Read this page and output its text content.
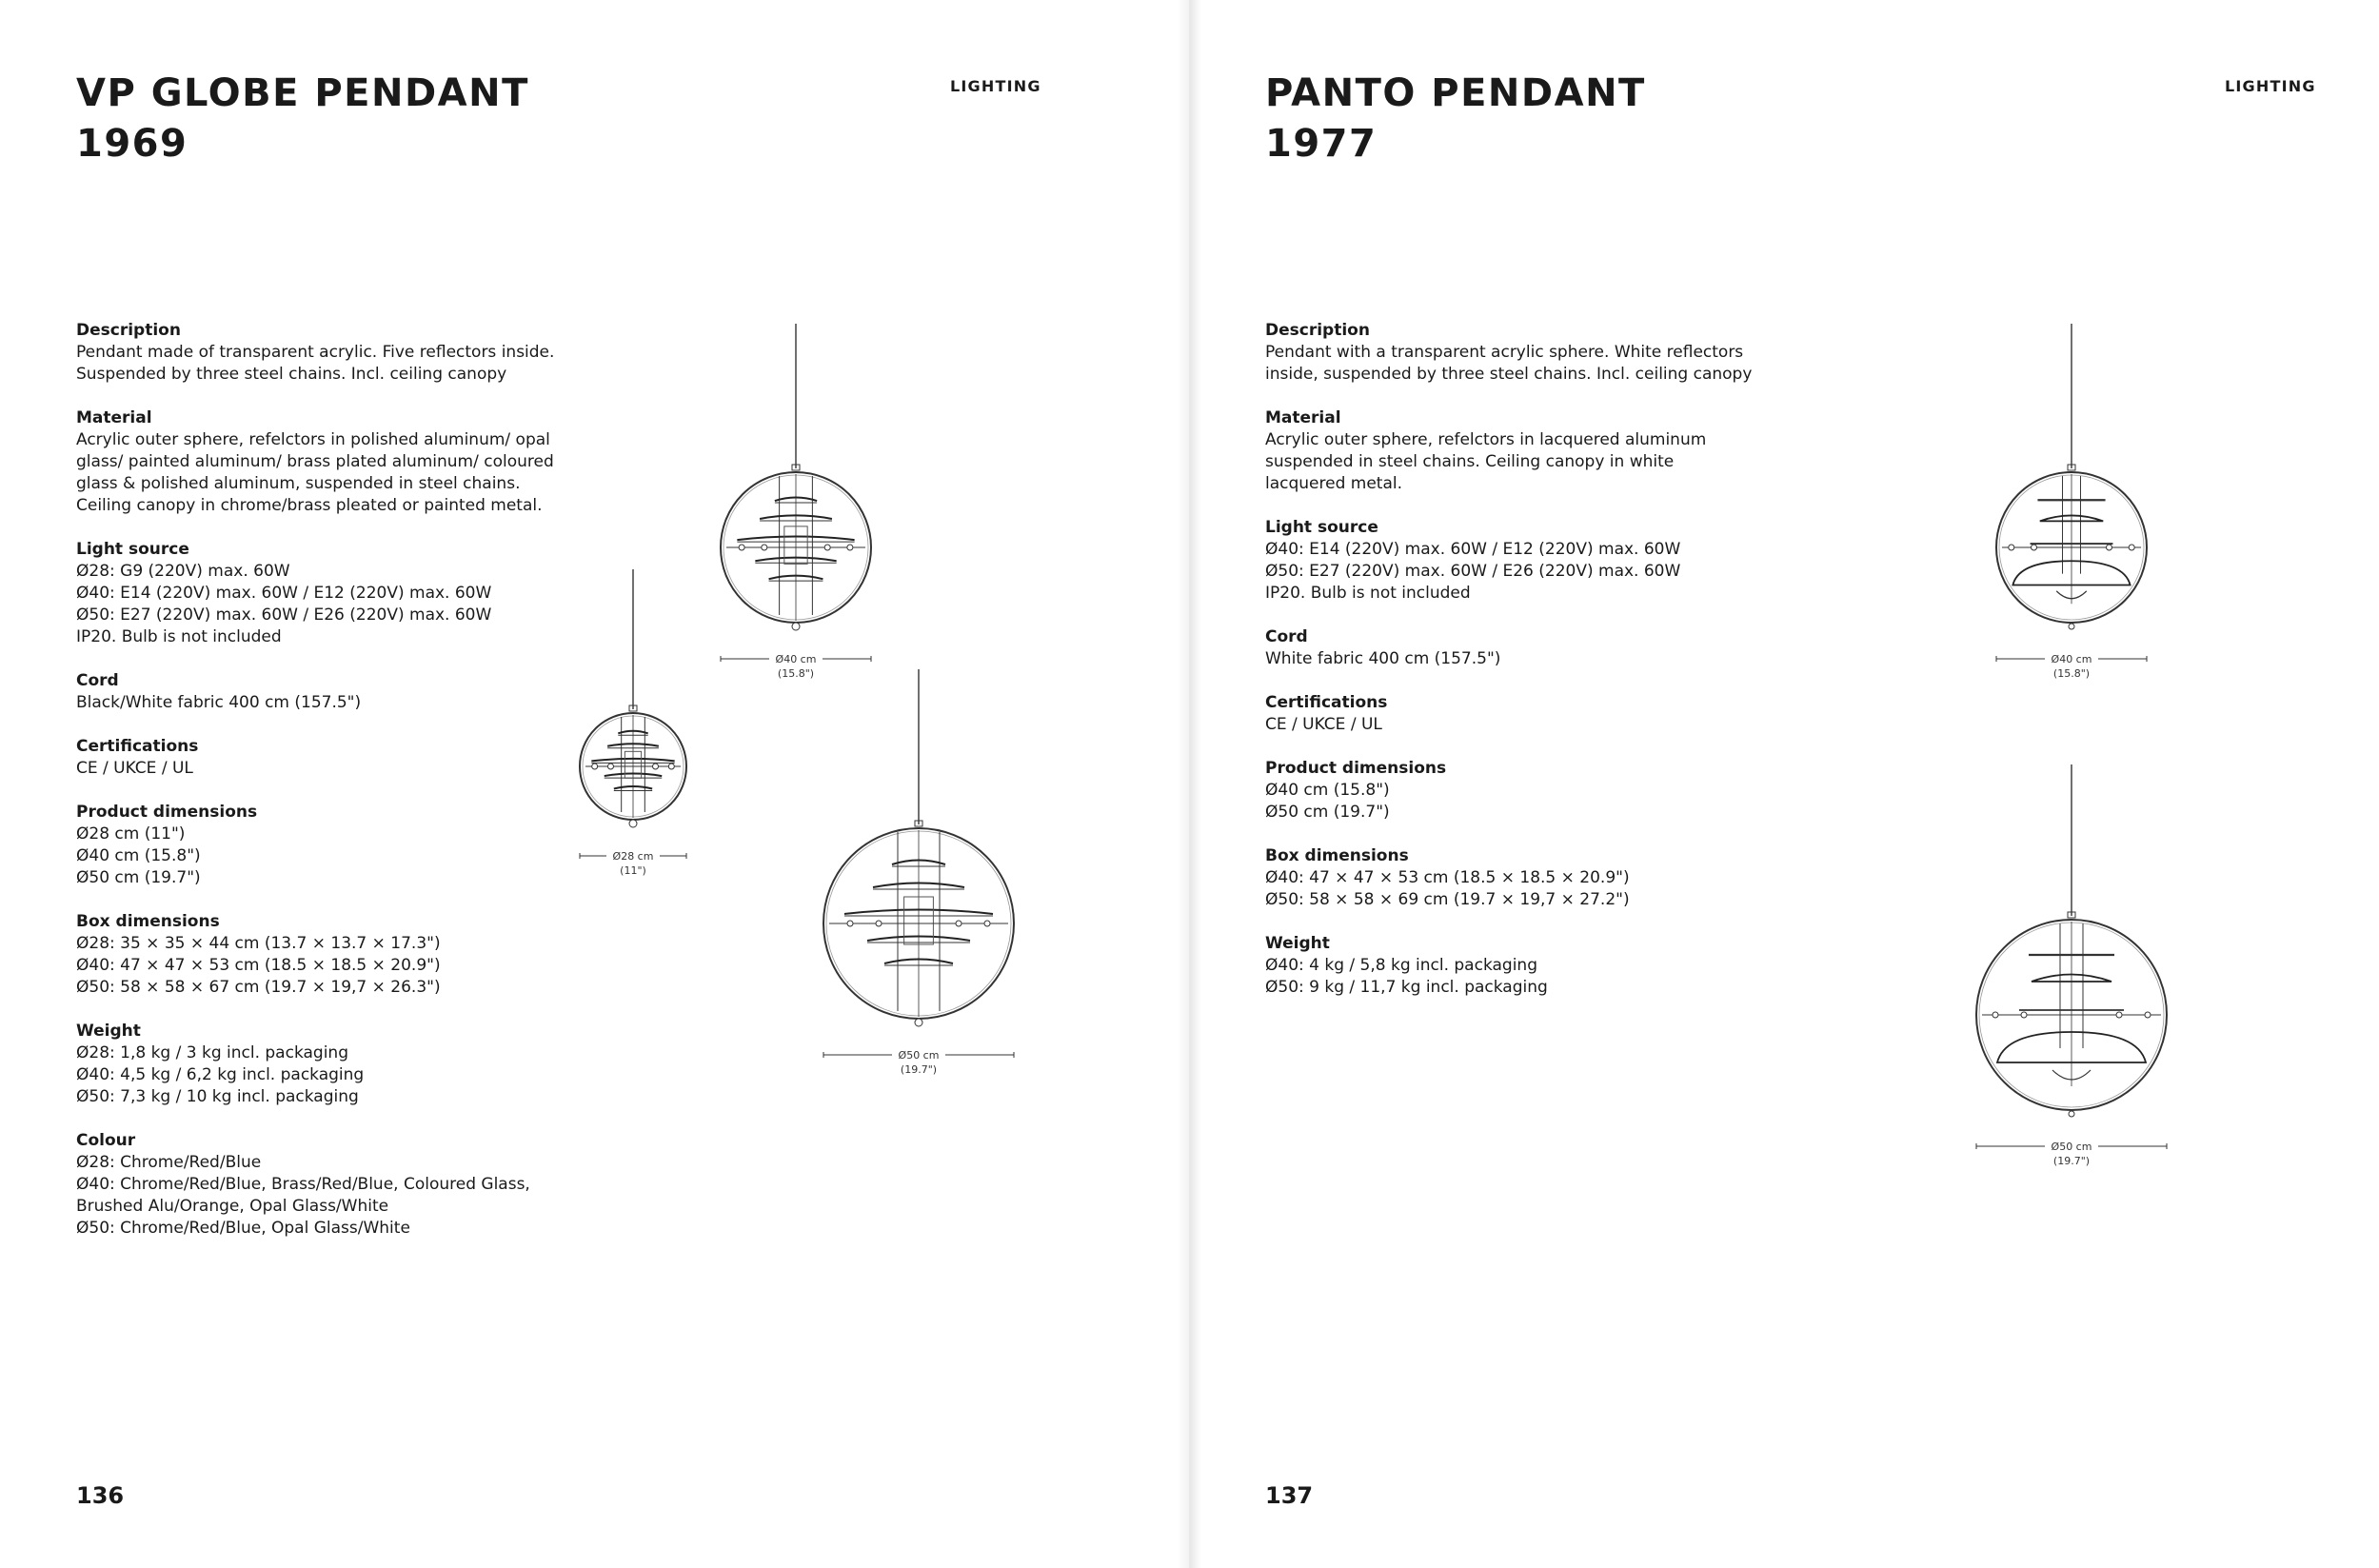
VP GLOBE PENDANT
1969
LIGHTING
Description
Pendant made of transparent acrylic. Five reflectors inside.
Suspended by three steel chains. Incl. ceiling canopy
Material
Acrylic outer sphere, refelctors in polished aluminum/ opal
glass/ painted aluminum/ brass plated aluminum/ coloured
glass & polished aluminum, suspended in steel chains.
Ceiling canopy in chrome/brass pleated or painted metal.
Light source
Ø28: G9 (220V) max. 60W
Ø40: E14 (220V) max. 60W / E12 (220V) max. 60W
Ø50: E27 (220V) max. 60W / E26 (220V) max. 60W
IP20. Bulb is not included
Cord
Black/White fabric 400 cm (157.5")
Certifications
CE / UKCE / UL
Product dimensions
Ø28 cm (11")
Ø40 cm (15.8")
Ø50 cm (19.7")
Box dimensions
Ø28: 35 × 35 × 44 cm (13.7 × 13.7 × 17.3")
Ø40: 47 × 47 × 53 cm (18.5 × 18.5 × 20.9")
Ø50: 58 × 58 × 67 cm (19.7 × 19,7 × 26.3")
Weight
Ø28: 1,8 kg / 3 kg incl. packaging
Ø40: 4,5 kg / 6,2 kg incl. packaging
Ø50: 7,3 kg / 10 kg incl. packaging
Colour
Ø28: Chrome/Red/Blue
Ø40: Chrome/Red/Blue, Brass/Red/Blue, Coloured Glass,
Brushed Alu/Orange, Opal Glass/White
Ø50: Chrome/Red/Blue, Opal Glass/White
Ø40 cm
(15.8")
Ø28 cm
(11")
Ø50 cm
(19.7")
136
PANTO PENDANT
1977
LIGHTING
Description
Pendant with a transparent acrylic sphere. White reflectors
inside, suspended by three steel chains. Incl. ceiling canopy
Material
Acrylic outer sphere, refelctors in lacquered aluminum
suspended in steel chains. Ceiling canopy in white
lacquered metal.
Light source
Ø40: E14 (220V) max. 60W / E12 (220V) max. 60W
Ø50: E27 (220V) max. 60W / E26 (220V) max. 60W
IP20. Bulb is not included
Cord
White fabric 400 cm (157.5")
Certifications
CE / UKCE / UL
Product dimensions
Ø40 cm (15.8")
Ø50 cm (19.7")
Box dimensions
Ø40: 47 × 47 × 53 cm (18.5 × 18.5 × 20.9")
Ø50: 58 × 58 × 69 cm (19.7 × 19,7 × 27.2")
Weight
Ø40: 4 kg / 5,8 kg incl. packaging
Ø50: 9 kg / 11,7 kg incl. packaging
Ø40 cm
(15.8")
Ø50 cm
(19.7")
137
